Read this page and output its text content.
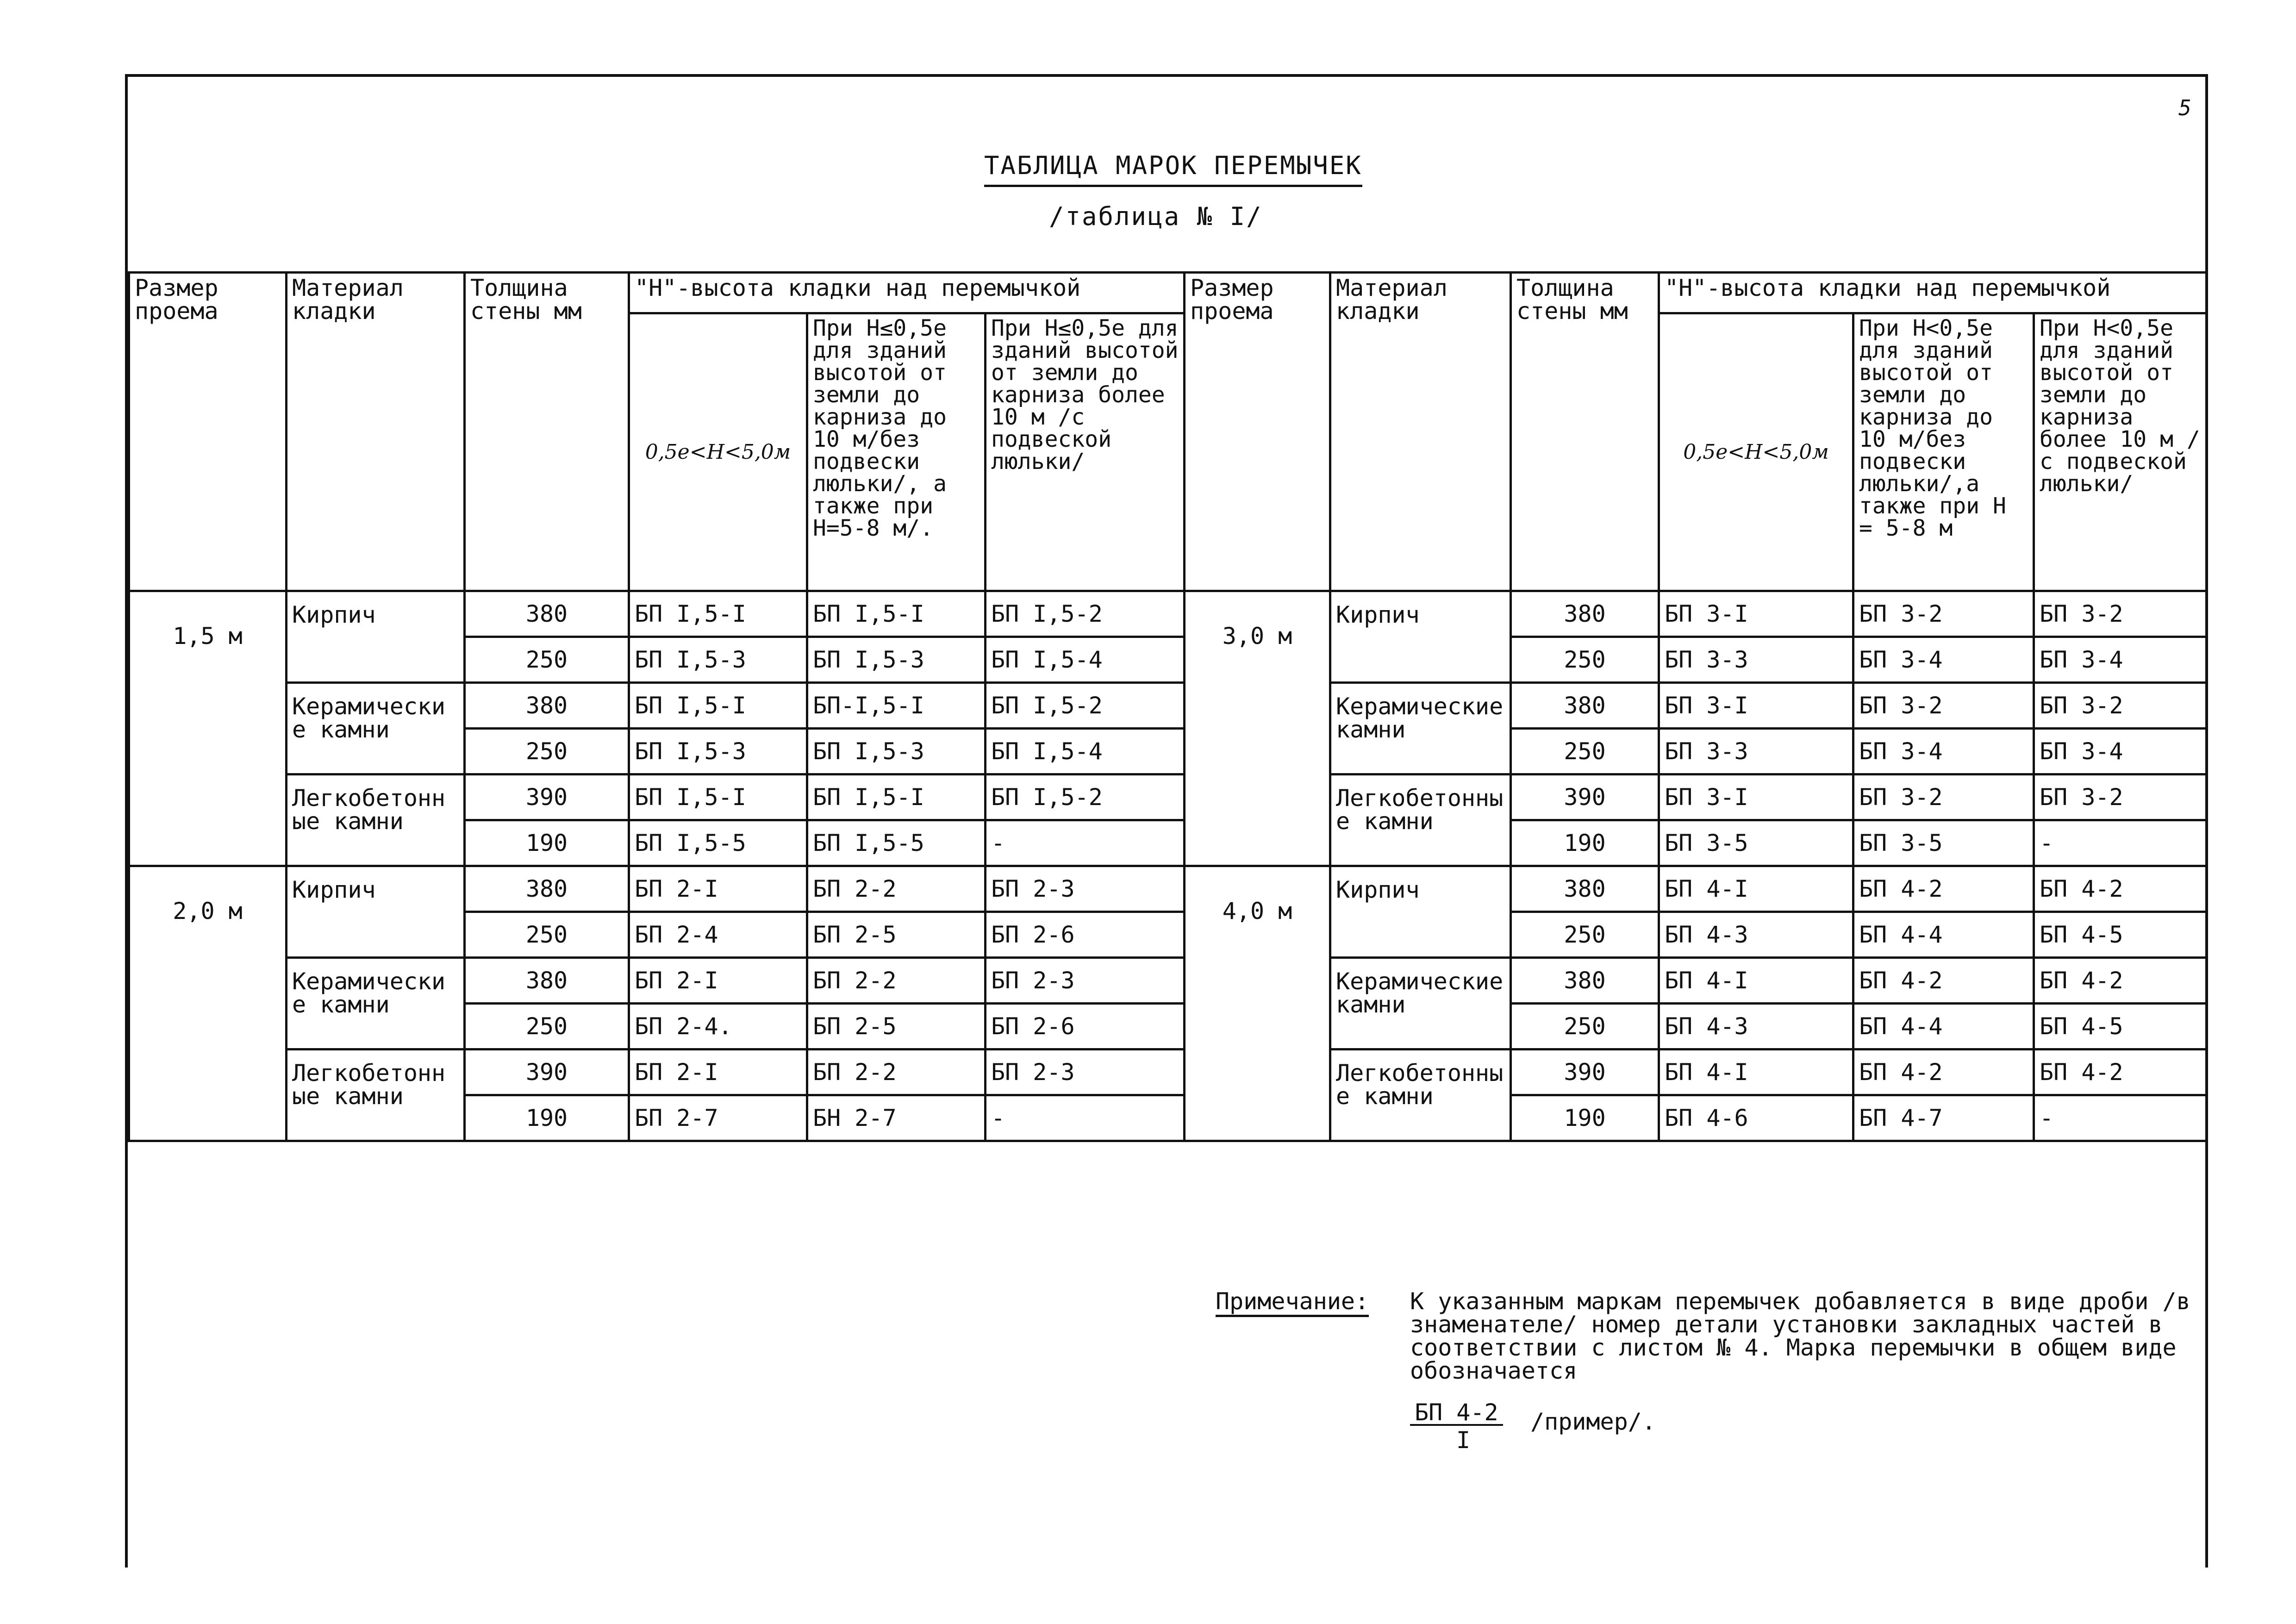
5
ТАБЛИЦА МАРОК ПЕРЕМЫЧЕК
/таблица № I/
Размер проема	Материал кладки	Толщина стены мм	"Н"-высота кладки над перемычкой			Размер проема	Материал кладки	Толщина стены мм	"Н"-высота кладки над перемычкой		
			0,5е<Н<5,0м	При Н≤0,5е для зданий высотой от земли до карниза до 10 м/без подвески люльки/, а также при Н=5-8 м/.	При Н≤0,5е для зданий высотой от земли до карниза более 10 м /с подвеской люльки/				0,5е<Н<5,0м	При Н<0,5е для зданий высотой от земли до карниза до 10 м/без подвески люльки/,а также при Н = 5-8 м	При Н<0,5е для зданий высотой от земли до карниза более 10 м /с подвеской люльки/
1,5 м	Кирпич	380	БП I,5-I	БП I,5-I	БП I,5-2	3,0 м	Кирпич	380	БП 3-I	БП 3-2	БП 3-2
		250	БП I,5-3	БП I,5-3	БП I,5-4			250	БП 3-3	БП 3-4	БП 3-4
	Керамические камни	380	БП I,5-I	БП-I,5-I	БП I,5-2		Керамические камни	380	БП 3-I	БП 3-2	БП 3-2
		250	БП I,5-3	БП I,5-3	БП I,5-4			250	БП 3-3	БП 3-4	БП 3-4
	Легкобетонные камни	390	БП I,5-I	БП I,5-I	БП I,5-2		Легкобетонные камни	390	БП 3-I	БП 3-2	БП 3-2
		190	БП I,5-5	БП I,5-5	-			190	БП 3-5	БП 3-5	-
2,0 м	Кирпич	380	БП 2-I	БП 2-2	БП 2-3	4,0 м	Кирпич	380	БП 4-I	БП 4-2	БП 4-2
		250	БП 2-4	БП 2-5	БП 2-6			250	БП 4-3	БП 4-4	БП 4-5
	Керамические камни	380	БП 2-I	БП 2-2	БП 2-3		Керамические камни	380	БП 4-I	БП 4-2	БП 4-2
		250	БП 2-4.	БП 2-5	БП 2-6			250	БП 4-3	БП 4-4	БП 4-5
	Легкобетонные камни	390	БП 2-I	БП 2-2	БП 2-3		Легкобетонные камни	390	БП 4-I	БП 4-2	БП 4-2
		190	БП 2-7	БН 2-7	-			190	БП 4-6	БП 4-7	-
Примечание: К указанным маркам перемычек добавляется в виде дроби /в знаменателе/ номер детали установки закладных частей в соответствии с листом № 4. Марка перемычки в общем виде обозначается
БП 4-2
I
/пример/.
